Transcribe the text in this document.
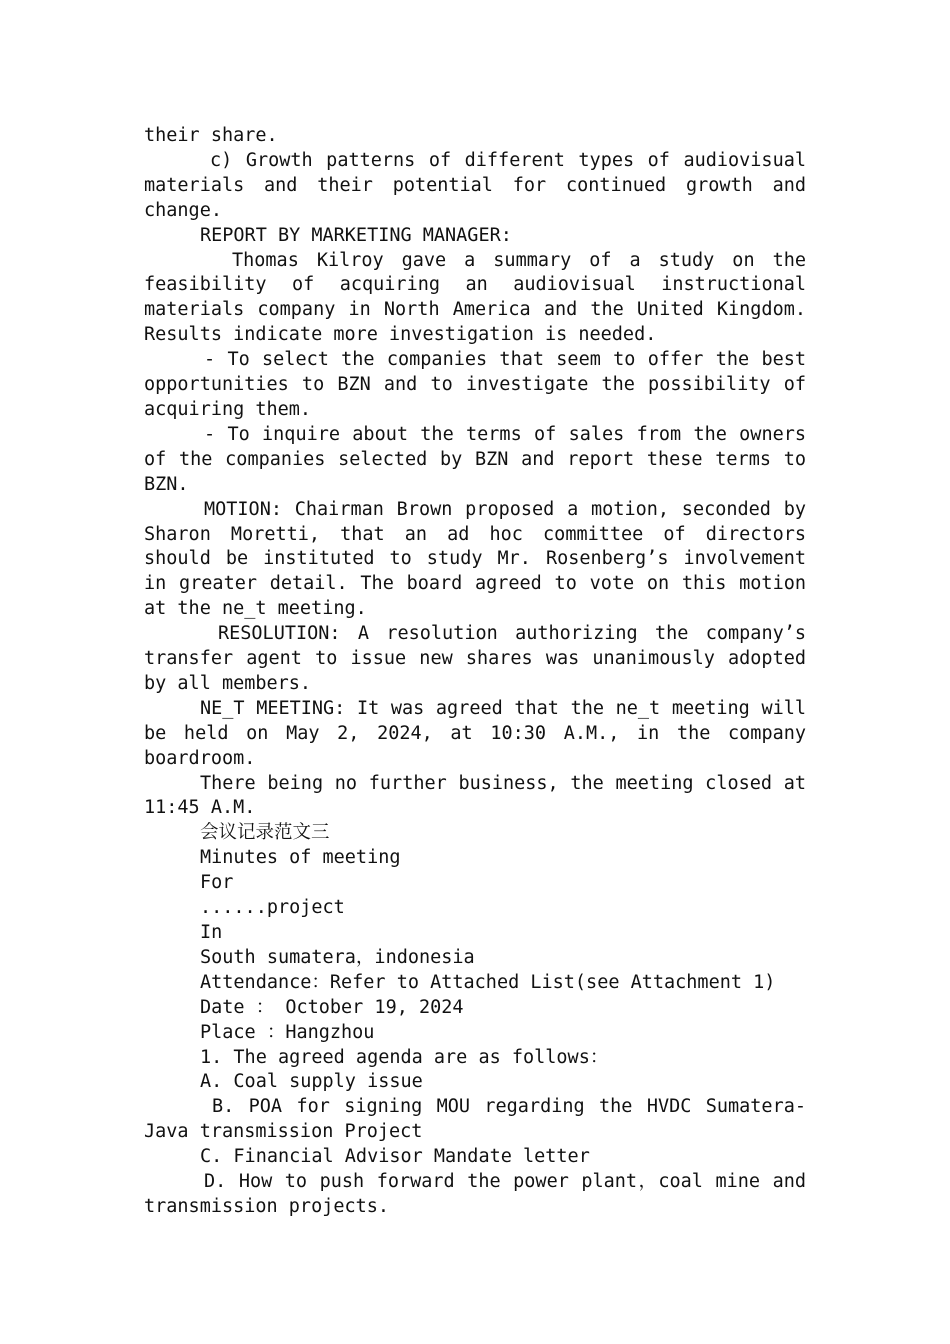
their share.

c) Growth patterns of different types of audiovisual materials and their potential for continued growth and change.

REPORT BY MARKETING MANAGER:

Thomas Kilroy gave a summary of a study on the feasibility of acquiring an audiovisual instructional materials company in North America and the United Kingdom. Results indicate more investigation is needed.

- To select the companies that seem to offer the best opportunities to BZN and to investigate the possibility of acquiring them.

- To inquire about the terms of sales from the owners of the companies selected by BZN and report these terms to BZN.

MOTION: Chairman Brown proposed a motion, seconded by Sharon Moretti, that an ad hoc committee of directors should be instituted to study Mr. Rosenberg’s involvement in greater detail. The board agreed to vote on this motion at the ne_t meeting.

RESOLUTION: A resolution authorizing the company’s transfer agent to issue new shares was unanimously adopted by all members.

NE_T MEETING: It was agreed that the ne_t meeting will be held on May 2, 2024, at 10:30 A.M., in the company boardroom.

There being no further business, the meeting closed at 11:45 A.M.

会议记录范文三

Minutes of meeting

For

......project

In

South sumatera，indonesia

Attendance：Refer to Attached List(see Attachment 1)

Date ： October 19, 2024

Place ：Hangzhou

1. The agreed agenda are as follows：

A. Coal supply issue

B. POA for signing MOU regarding the HVDC Sumatera-Java transmission Project

C. Financial Advisor Mandate letter

D. How to push forward the power plant，coal mine and transmission projects.
